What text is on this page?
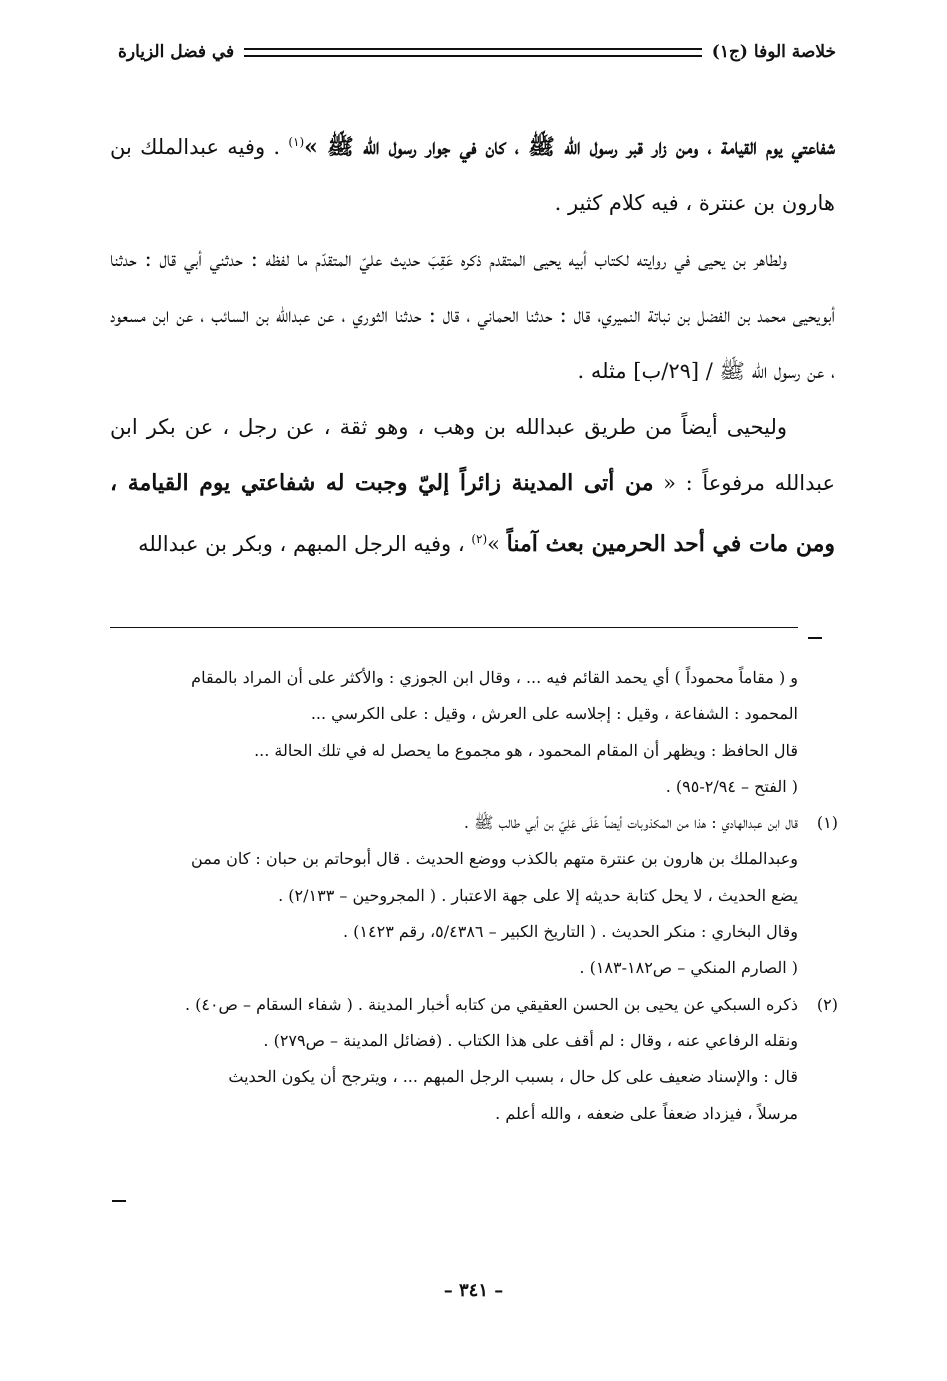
خلاصة الوفا (ج١)
في فضل الزيارة

شفاعتي يوم القيامة ، ومن زار قبر رسول الله ﷺ ، كان في جوار رسول الله ﷺ »$^{(١)}$ . وفيه عبدالملك بن هارون بن عنترة ، فيه كلام كثير .

ولطاهر بن يحيى في روايته لكتاب أبيه يحيى المتقدم ذكره عَقِبَ حديث عليّ المتقدّم ما لفظه : حدثني أبي قال : حدثنا أبويحيى محمد بن الفضل بن نباتة النميري، قال : حدثنا الحماني ، قال : حدثنا الثوري ، عن عبدالله بن السائب ، عن ابن مسعود ، عن رسول الله ﷺ / [٢٩/ب] مثله .

وليحيى أيضاً من طريق عبدالله بن وهب ، وهو ثقة ، عن رجل ، عن بكر ابن عبدالله مرفوعاً : « من أتى المدينة زائراً إليّ وجبت له شفاعتي يوم القيامة ، ومن مات في أحد الحرمين بعث آمناً »$^{(٢)}$ ، وفيه الرجل المبهم ، وبكر بن عبدالله

و ( مقاماً محموداً ) أي يحمد القائم فيه ... ، وقال ابن الجوزي : والأكثر على أن المراد بالمقام
المحمود : الشفاعة ، وقيل : إجلاسه على العرش ، وقيل : على الكرسي ...
قال الحافظ : ويظهر أن المقام المحمود ، هو مجموع ما يحصل له في تلك الحالة ...
( الفتح – ٢/٩٤-٩٥) .
(١)
قال ابن عبدالهادي : هذا من المكذوبات أيضاً عَلَى عَلِيّ بن أبي طالب ﷺ .
وعبدالملك بن هارون بن عنترة متهم بالكذب ووضع الحديث . قال أبوحاتم بن حبان : كان ممن
يضع الحديث ، لا يحل كتابة حديثه إلا على جهة الاعتبار . ( المجروحين – ٢/١٣٣) .
وقال البخاري : منكر الحديث . ( التاريخ الكبير – ٥/٤٣٨٦، رقم ١٤٢٣) .
( الصارم المنكي – ص١٨٢-١٨٣) .
(٢)
ذكره السبكي عن يحيى بن الحسن العقيقي من كتابه أخبار المدينة . ( شفاء السقام – ص٤٠) .
ونقله الرفاعي عنه ، وقال : لم أقف على هذا الكتاب . (فضائل المدينة – ص٢٧٩) .
قال : والإسناد ضعيف على كل حال ، بسبب الرجل المبهم ... ، ويترجح أن يكون الحديث
مرسلاً ، فيزداد ضعفاً على ضعفه ، والله أعلم .
– ٣٤١ –
